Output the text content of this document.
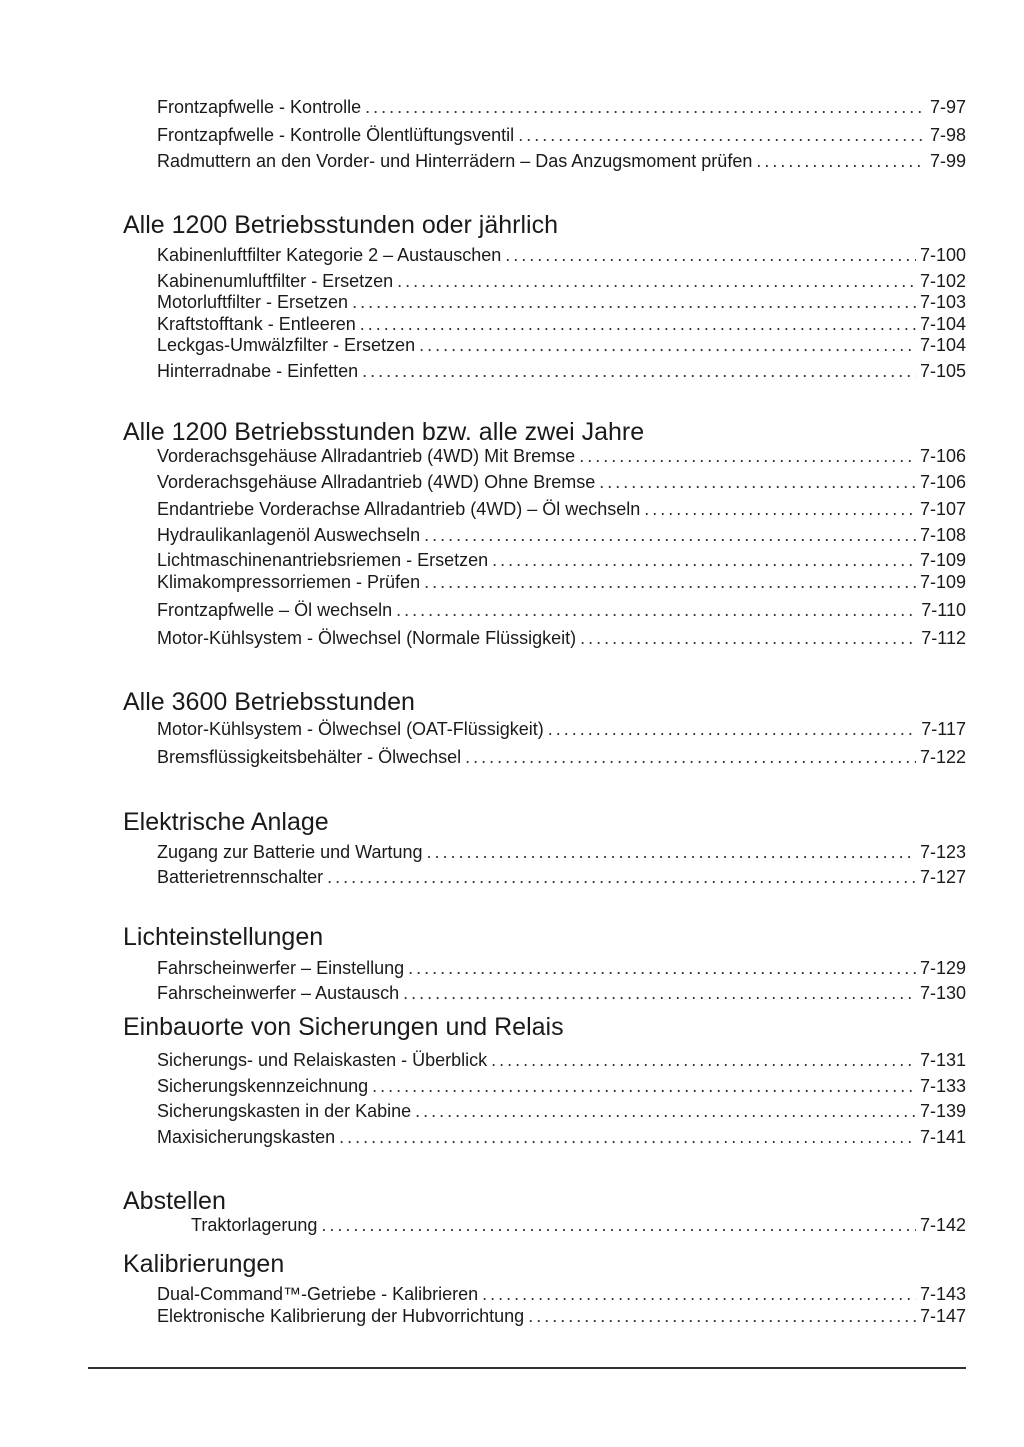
Frontzapfwelle - Kontrolle . . .	7-97
Frontzapfwelle - Kontrolle Ölentlüftungsventil . . .	7-98
Radmuttern an den Vorder- und Hinterrädern – Das Anzugsmoment prüfen . . .	7-99
Alle 1200 Betriebsstunden oder jährlich
Kabinenluftfilter Kategorie 2 – Austauschen . . .	7-100
Kabinenumluftfilter - Ersetzen . . .	7-102
Motorluftfilter - Ersetzen . . .	7-103
Kraftstofftank - Entleeren . . .	7-104
Leckgas-Umwälzfilter - Ersetzen . . .	7-104
Hinterradnabe - Einfetten . . .	7-105
Alle 1200 Betriebsstunden bzw. alle zwei Jahre
Vorderachsgehäuse Allradantrieb (4WD) Mit Bremse . . .	7-106
Vorderachsgehäuse Allradantrieb (4WD) Ohne Bremse . . .	7-106
Endantriebe Vorderachse Allradantrieb (4WD) – Öl wechseln . . .	7-107
Hydraulikanlagenöl Auswechseln . . .	7-108
Lichtmaschinenantriebsriemen - Ersetzen . . .	7-109
Klimakompressorriemen - Prüfen . . .	7-109
Frontzapfwelle – Öl wechseln . . .	7-110
Motor-Kühlsystem - Ölwechsel (Normale Flüssigkeit) . . .	7-112
Alle 3600 Betriebsstunden
Motor-Kühlsystem - Ölwechsel (OAT-Flüssigkeit) . . .	7-117
Bremsflüssigkeitsbehälter - Ölwechsel . . .	7-122
Elektrische Anlage
Zugang zur Batterie und Wartung . . .	7-123
Batterietrennschalter . . .	7-127
Lichteinstellungen
Fahrscheinwerfer – Einstellung . . .	7-129
Fahrscheinwerfer – Austausch . . .	7-130
Einbauorte von Sicherungen und Relais
Sicherungs- und Relaiskasten - Überblick . . .	7-131
Sicherungskennzeichnung . . .	7-133
Sicherungskasten in der Kabine . . .	7-139
Maxisicherungskasten . . .	7-141
Abstellen
Traktorlagerung . . .	7-142
Kalibrierungen
Dual-Command™-Getriebe - Kalibrieren . . .	7-143
Elektronische Kalibrierung der Hubvorrichtung . . .	7-147
